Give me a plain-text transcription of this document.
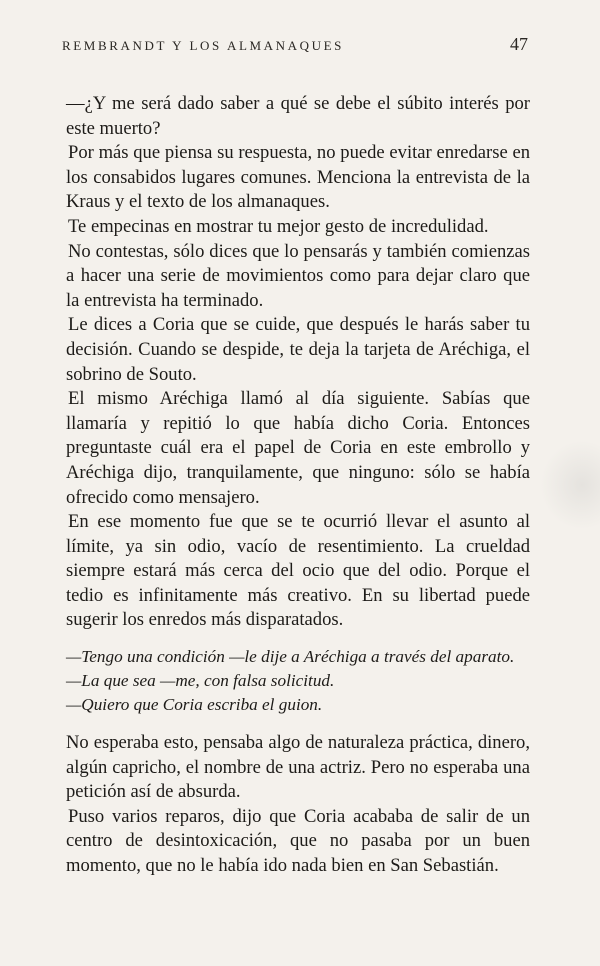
REMBRANDT Y LOS ALMANAQUES	47

—¿Y me será dado saber a qué se debe el súbito interés por este muerto?

Por más que piensa su respuesta, no puede evitar enredarse en los consabidos lugares comunes. Menciona la entrevista de la Kraus y el texto de los almanaques.

Te empecinas en mostrar tu mejor gesto de incredulidad.

No contestas, sólo dices que lo pensarás y también comienzas a hacer una serie de movimientos como para dejar claro que la entrevista ha terminado.

Le dices a Coria que se cuide, que después le harás saber tu decisión. Cuando se despide, te deja la tarjeta de Aréchiga, el sobrino de Souto.

El mismo Aréchiga llamó al día siguiente. Sabías que llamaría y repitió lo que había dicho Coria. Entonces preguntaste cuál era el papel de Coria en este embrollo y Aréchiga dijo, tranquilamente, que ninguno: sólo se había ofrecido como mensajero.

En ese momento fue que se te ocurrió llevar el asunto al límite, ya sin odio, vacío de resentimiento. La crueldad siempre estará más cerca del ocio que del odio. Porque el tedio es infinitamente más creativo. En su libertad puede sugerir los enredos más disparatados.

—Tengo una condición —le dije a Aréchiga a través del aparato.
—La que sea —me, con falsa solicitud.
—Quiero que Coria escriba el guion.

No esperaba esto, pensaba algo de naturaleza práctica, dinero, algún capricho, el nombre de una actriz. Pero no esperaba una petición así de absurda.

Puso varios reparos, dijo que Coria acababa de salir de un centro de desintoxicación, que no pasaba por un buen momento, que no le había ido nada bien en San Sebastián.
